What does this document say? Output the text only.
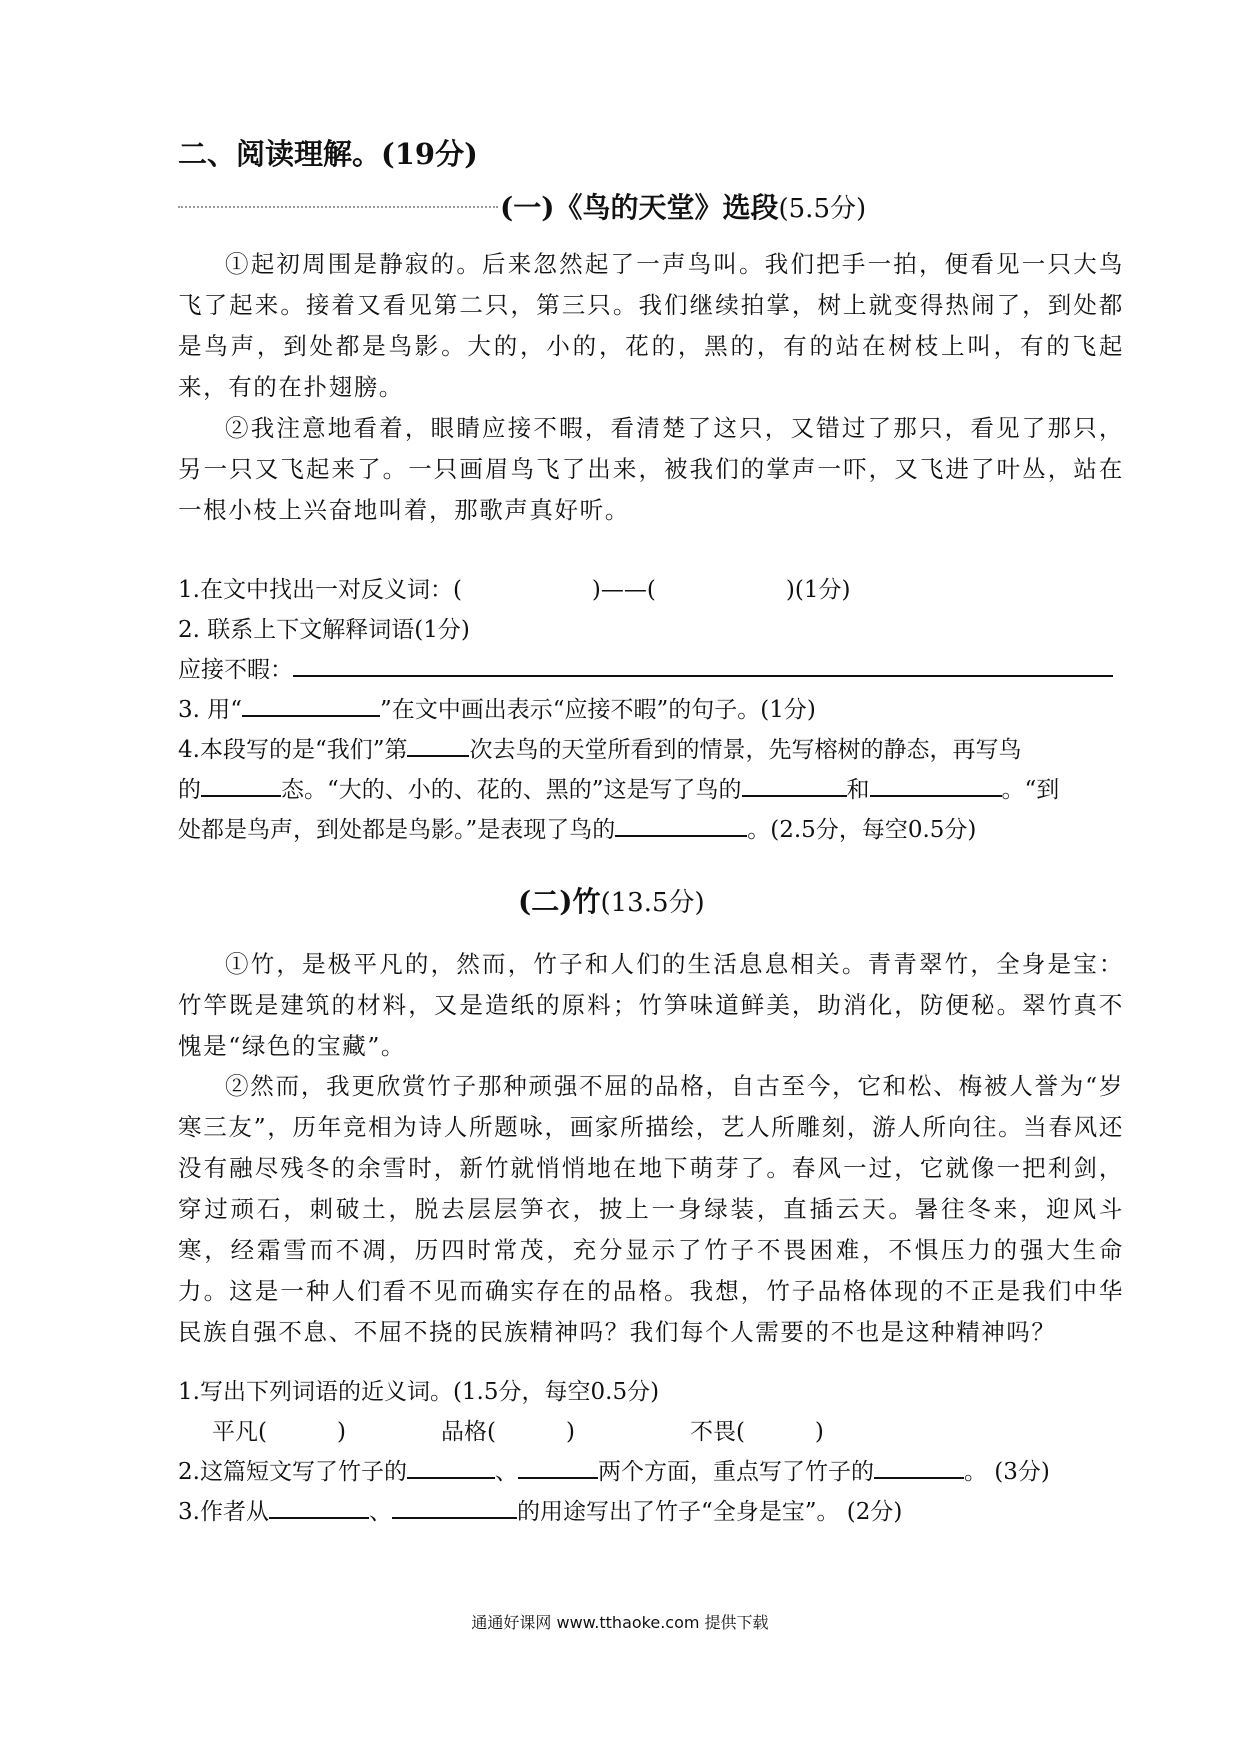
二、阅读理解。(19分)
(一)《鸟的天堂》选段(5.5分)
①起初周围是静寂的。后来忽然起了一声鸟叫。我们把手一拍，便看见一只大鸟飞了起来。接着又看见第二只，第三只。我们继续拍掌，树上就变得热闹了，到处都是鸟声，到处都是鸟影。大的，小的，花的，黑的，有的站在树枝上叫，有的飞起来，有的在扑翅膀。
②我注意地看着，眼睛应接不暇，看清楚了这只，又错过了那只，看见了那只，另一只又飞起来了。一只画眉鸟飞了出来，被我们的掌声一吓，又飞进了叶丛，站在一根小枝上兴奋地叫着，那歌声真好听。
1.在文中找出一对反义词：(	)——(	)(1分)
2. 联系上下文解释词语(1分)
应接不暇：
3. 用“	”在文中画出表示“应接不暇”的句子。(1分)
4.本段写的是“我们”第	次去鸟的天堂所看到的情景，先写榕树的静态，再写鸟
的	态。“大的、小的、花的、黑的”这是写了鸟的	和	。“到
处都是鸟声，到处都是鸟影。”是表现了鸟的	。(2.5分，每空0.5分)
(二)竹(13.5分)
①竹，是极平凡的，然而，竹子和人们的生活息息相关。青青翠竹，全身是宝：竹竿既是建筑的材料，又是造纸的原料；竹笋味道鲜美，助消化，防便秘。翠竹真不愧是“绿色的宝藏”。
②然而，我更欣赏竹子那种顽强不屈的品格，自古至今，它和松、梅被人誉为“岁寒三友”，历年竞相为诗人所题咏，画家所描绘，艺人所雕刻，游人所向往。当春风还没有融尽残冬的余雪时，新竹就悄悄地在地下萌芽了。春风一过，它就像一把利剑，穿过顽石，刺破土，脱去层层笋衣，披上一身绿装，直插云天。暑往冬来，迎风斗寒，经霜雪而不凋，历四时常茂，充分显示了竹子不畏困难，不惧压力的强大生命力。这是一种人们看不见而确实存在的品格。我想，竹子品格体现的不正是我们中华民族自强不息、不屈不挠的民族精神吗？我们每个人需要的不也是这种精神吗？
1.写出下列词语的近义词。(1.5分，每空0.5分)
平凡(	)	品格(	)	不畏(	)
2.这篇短文写了竹子的	、	两个方面，重点写了竹子的	。 (3分)
3.作者从	、	的用途写出了竹子“全身是宝”。 (2分)
通通好课网 www.tthaoke.com 提供下载
